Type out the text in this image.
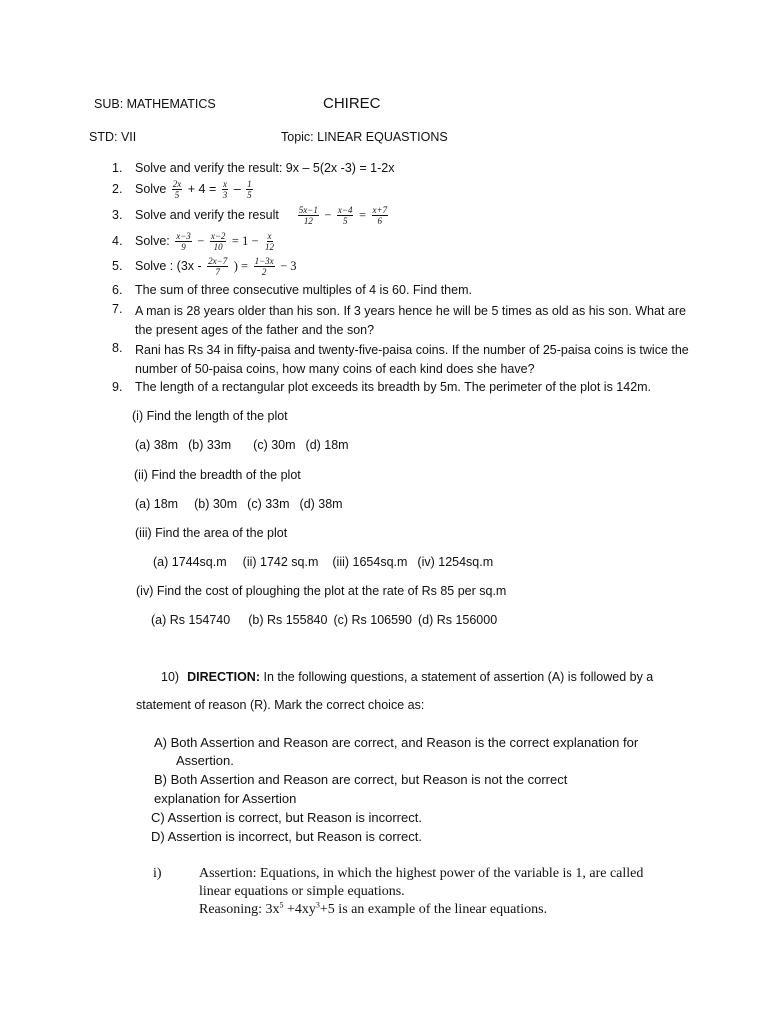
SUB: MATHEMATICS	CHIREC
STD: VII	Topic: LINEAR EQUASTIONS
1. Solve and verify the result: 9x – 5(2x -3) = 1-2x
2. Solve $\frac{2x}{5} + 4 = \frac{x}{3} - \frac{1}{5}$
3. Solve and verify the result $\frac{5x-1}{12} - \frac{x-4}{5} = \frac{x+7}{6}$
4. Solve: $\frac{x-3}{9} - \frac{x-2}{10} = 1 - \frac{x}{12}$
5. Solve : ($3x - \frac{2x-7}{7}$ ) = $\frac{1-3x}{2} - 3$
6. The sum of three consecutive multiples of 4 is 60. Find them.
7.	A man is 28 years older than his son. If 3 years hence he will be 5 times as old as his son. What are the present ages of the father and the son?
8.	Rani has Rs 34 in fifty-paisa and twenty-five-paisa coins. If the number of 25-paisa coins is twice the number of 50-paisa coins, how many coins of each kind does she have?
9. The length of a rectangular plot exceeds its breadth by 5m. The perimeter of the plot is 142m.
(i) Find the length of the plot
(a) 38m (b) 33m (c) 30m (d) 18m
(ii) Find the breadth of the plot
(a) 18m (b) 30m (c) 33m (d) 38m
(iii) Find the area of the plot
(a) 1744sq.m (ii) 1742 sq.m (iii) 1654sq.m (iv) 1254sq.m
(iv) Find the cost of ploughing the plot at the rate of Rs 85 per sq.m
(a) Rs 154740 (b) Rs 155840 (c) Rs 106590 (d) Rs 156000
10) DIRECTION: In the following questions, a statement of assertion (A) is followed by a
statement of reason (R). Mark the correct choice as:
A) Both Assertion and Reason are correct, and Reason is the correct explanation for
Assertion.
B) Both Assertion and Reason are correct, but Reason is not the correct
explanation for Assertion
C) Assertion is correct, but Reason is incorrect.
D) Assertion is incorrect, but Reason is correct.
i)	Assertion: Equations, in which the highest power of the variable is 1, are called
linear equations or simple equations.
Reasoning: $3x^5 +4xy^3+5$ is an example of the linear equations.
